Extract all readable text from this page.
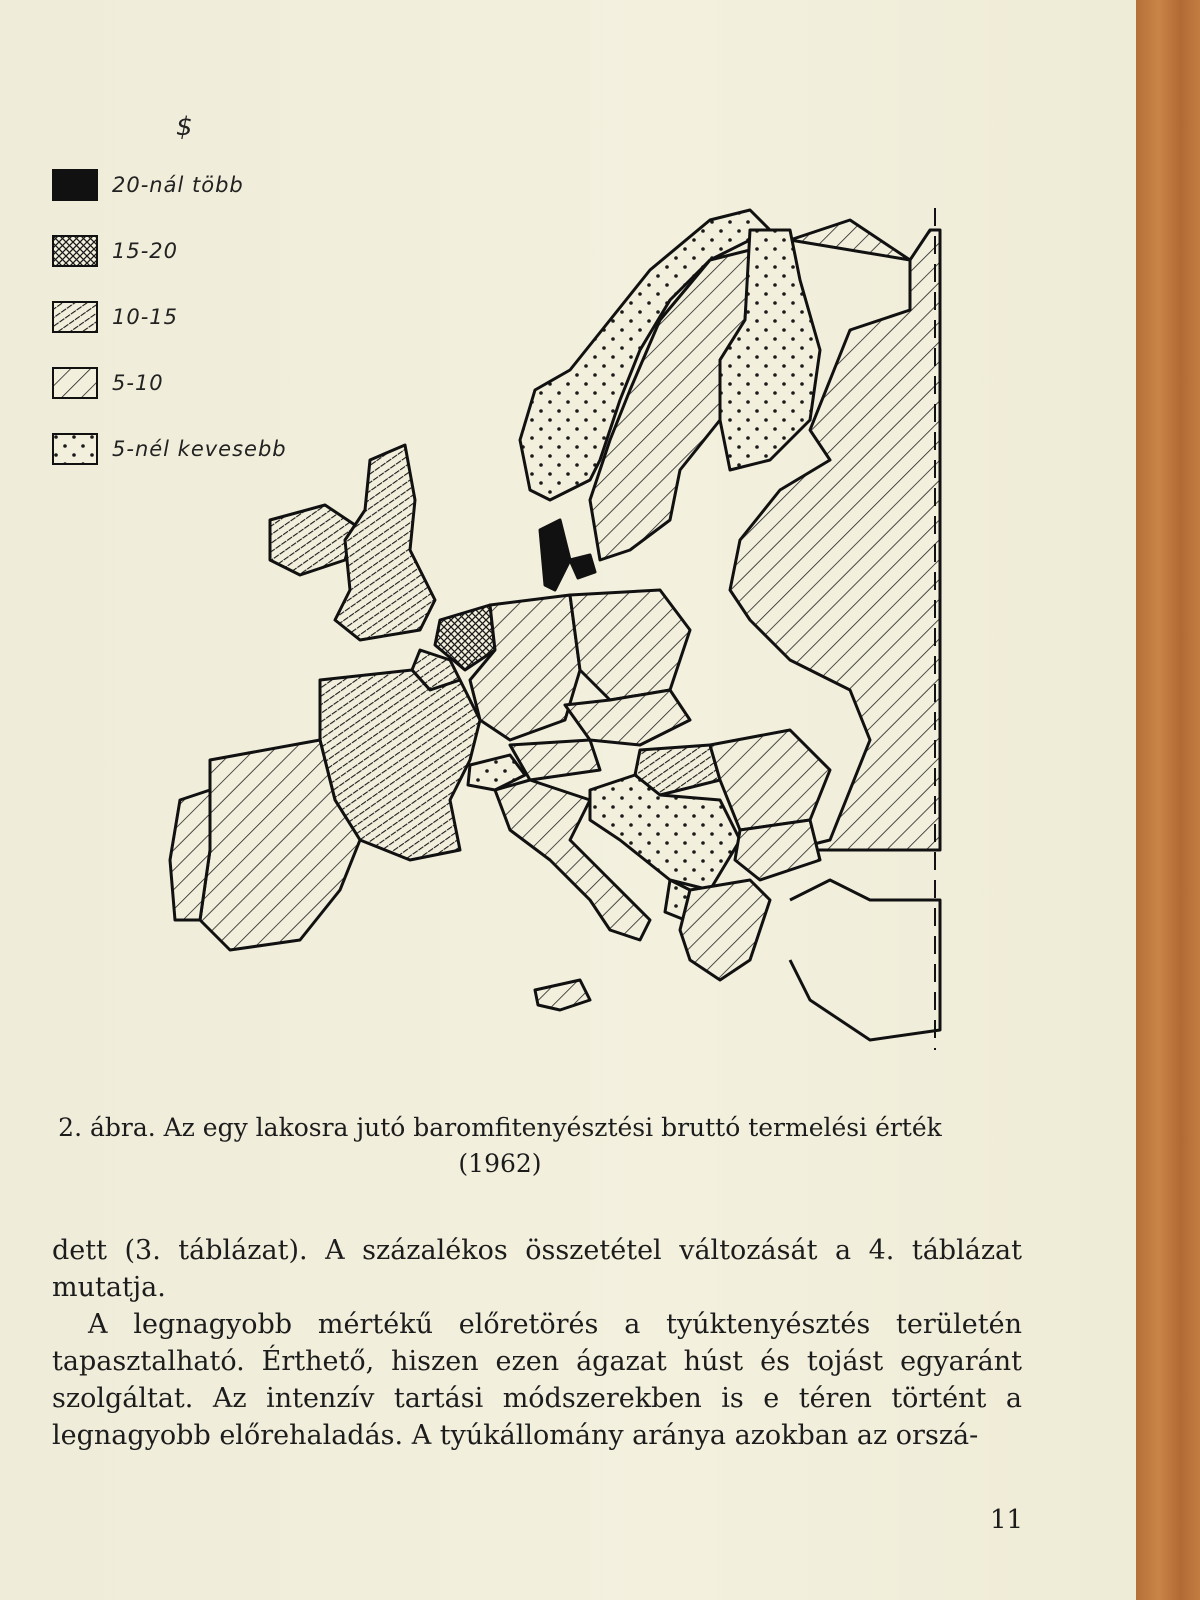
$
20-nál több
15-20
10-15
5-10
5-nél kevesebb
2. ábra. Az egy lakosra jutó baromfitenyésztési bruttó termelési érték
(1962)

dett (3. táblázat). A százalékos összetétel változását a 4. táblázat mutatja.

A legnagyobb mértékű előretörés a tyúktenyésztés területén tapasztalható. Érthető, hiszen ezen ágazat húst és tojást egyaránt szolgáltat. Az intenzív tartási módszerekben is e téren történt a legnagyobb előrehaladás. A tyúkállomány aránya azokban az orszá-

11
